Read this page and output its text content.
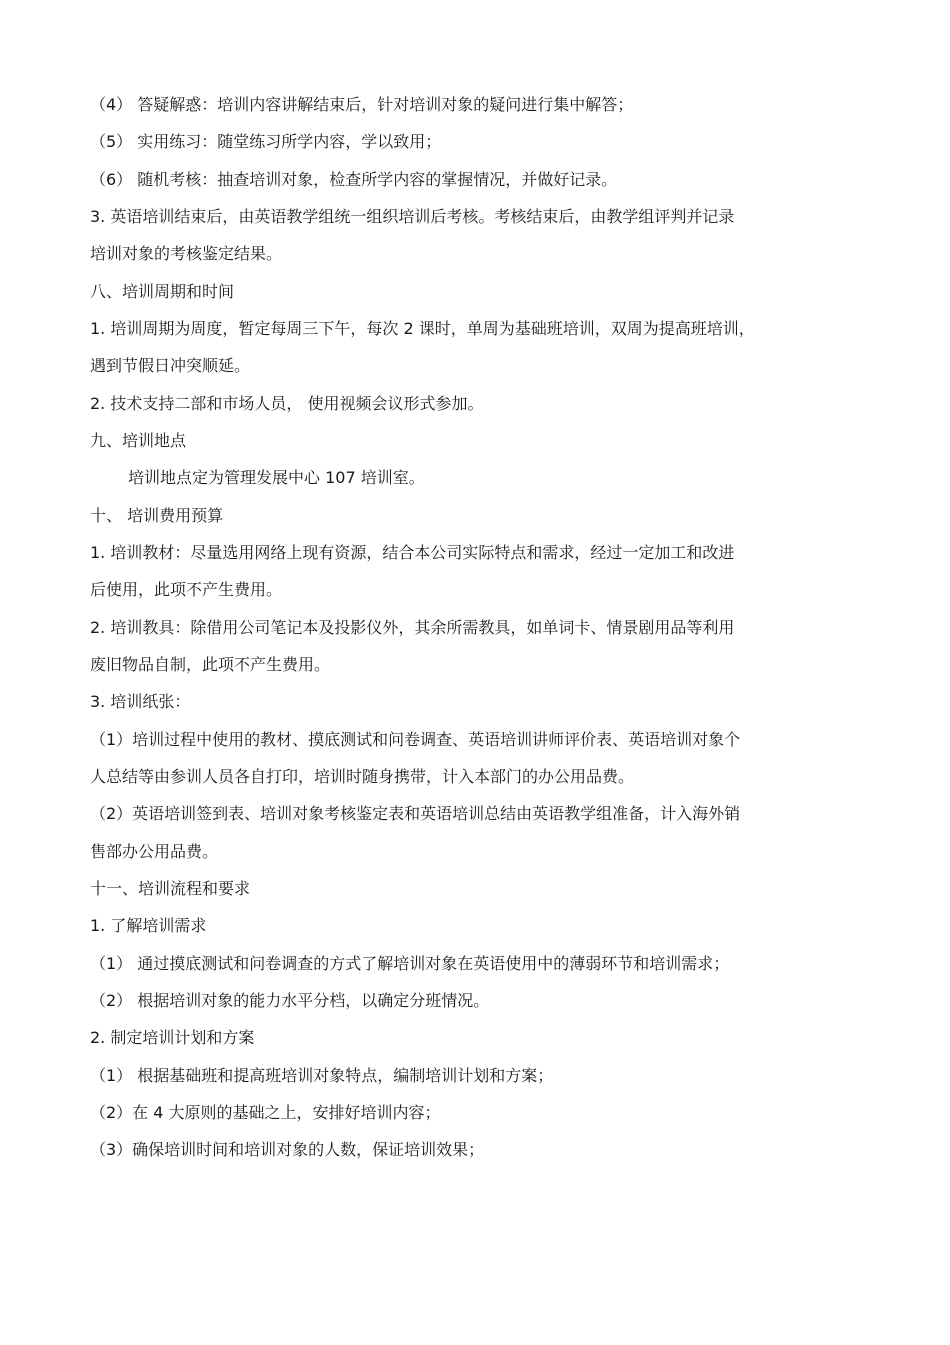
（4） 答疑解惑：培训内容讲解结束后，针对培训对象的疑问进行集中解答；
（5） 实用练习：随堂练习所学内容，学以致用；
（6） 随机考核：抽查培训对象，检查所学内容的掌握情况，并做好记录。
3. 英语培训结束后，由英语教学组统一组织培训后考核。考核结束后，由教学组评判并记录
培训对象的考核鉴定结果。
八、培训周期和时间
1. 培训周期为周度，暂定每周三下午，每次 2 课时，单周为基础班培训，双周为提高班培训，
遇到节假日冲突顺延。
2. 技术支持二部和市场人员， 使用视频会议形式参加。
九、培训地点
培训地点定为管理发展中心 107 培训室。
十、 培训费用预算
1. 培训教材：尽量选用网络上现有资源，结合本公司实际特点和需求，经过一定加工和改进
后使用，此项不产生费用。
2. 培训教具：除借用公司笔记本及投影仪外，其余所需教具，如单词卡、情景剧用品等利用
废旧物品自制，此项不产生费用。
3. 培训纸张：
（1）培训过程中使用的教材、摸底测试和问卷调查、英语培训讲师评价表、英语培训对象个
人总结等由参训人员各自打印，培训时随身携带，计入本部门的办公用品费。
（2）英语培训签到表、培训对象考核鉴定表和英语培训总结由英语教学组准备，计入海外销
售部办公用品费。
十一、培训流程和要求
1. 了解培训需求
（1） 通过摸底测试和问卷调查的方式了解培训对象在英语使用中的薄弱环节和培训需求；
（2） 根据培训对象的能力水平分档，以确定分班情况。
2. 制定培训计划和方案
（1） 根据基础班和提高班培训对象特点，编制培训计划和方案；
（2）在 4 大原则的基础之上，安排好培训内容；
（3）确保培训时间和培训对象的人数，保证培训效果；
